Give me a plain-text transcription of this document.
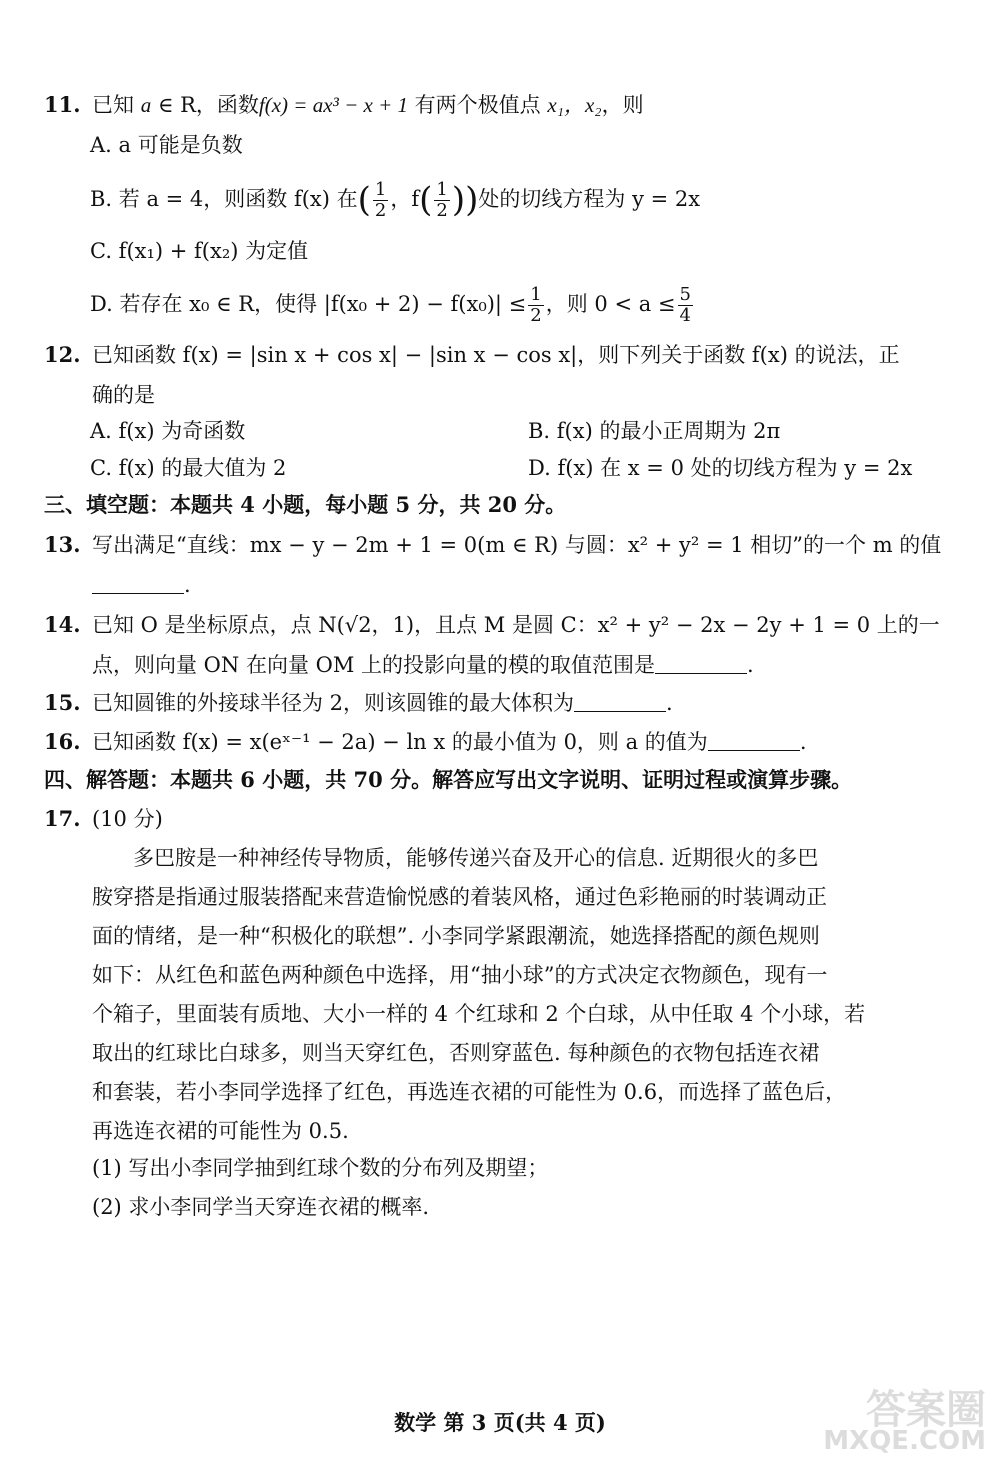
11. 已知 a ∈ R，函数f(x) = ax³ − x + 1 有两个极值点 x₁，x₂，则
A. a 可能是负数
B. 若 a = 4，则函数 f(x) 在( $\frac{1}{2}$ ，$f( \frac{1}{2}$ ))处的切线方程为 y = 2x
C. f(x₁) + f(x₂) 为定值
D. 若存在 x₀ ∈ R，使得 $|f(x_0 + 2) - f(x_0)| \le \frac{1}{2}$ ，则 $0 < a \le \frac{5}{4}$
12. 已知函数 f(x) = |sin x + cos x| − |sin x − cos x|，则下列关于函数 f(x) 的说法，正
确的是
A. f(x) 为奇函数	B. f(x) 的最小正周期为 2π
C. f(x) 的最大值为 2	D. f(x) 在 x = 0 处的切线方程为 y = 2x
三、填空题：本题共 4 小题，每小题 5 分，共 20 分。
13. 写出满足“直线：mx − y − 2m + 1 = 0(m ∈ R) 与圆：x² + y² = 1 相切”的一个 m 的值
.
14. 已知 O 是坐标原点，点 N(√2，1)，且点 M 是圆 C：x² + y² − 2x − 2y + 1 = 0 上的一
点，则向量 ON 在向量 OM 上的投影向量的模的取值范围是	.
15. 已知圆锥的外接球半径为 2，则该圆锥的最大体积为	.
16. 已知函数 f(x) = x(eˣ⁻¹ − 2a) − ln x 的最小值为 0，则 a 的值为	.
四、解答题：本题共 6 小题，共 70 分。解答应写出文字说明、证明过程或演算步骤。
17. (10 分)
多巴胺是一种神经传导物质，能够传递兴奋及开心的信息. 近期很火的多巴
胺穿搭是指通过服装搭配来营造愉悦感的着装风格，通过色彩艳丽的时装调动正
面的情绪，是一种“积极化的联想”. 小李同学紧跟潮流，她选择搭配的颜色规则
如下：从红色和蓝色两种颜色中选择，用“抽小球”的方式决定衣物颜色，现有一
个箱子，里面装有质地、大小一样的 4 个红球和 2 个白球，从中任取 4 个小球，若
取出的红球比白球多，则当天穿红色，否则穿蓝色. 每种颜色的衣物包括连衣裙
和套装，若小李同学选择了红色，再选连衣裙的可能性为 0.6，而选择了蓝色后，
再选连衣裙的可能性为 0.5.
(1) 写出小李同学抽到红球个数的分布列及期望；
(2) 求小李同学当天穿连衣裙的概率.
数学 第 3 页(共 4 页)	答案圈
MXQE.COM
